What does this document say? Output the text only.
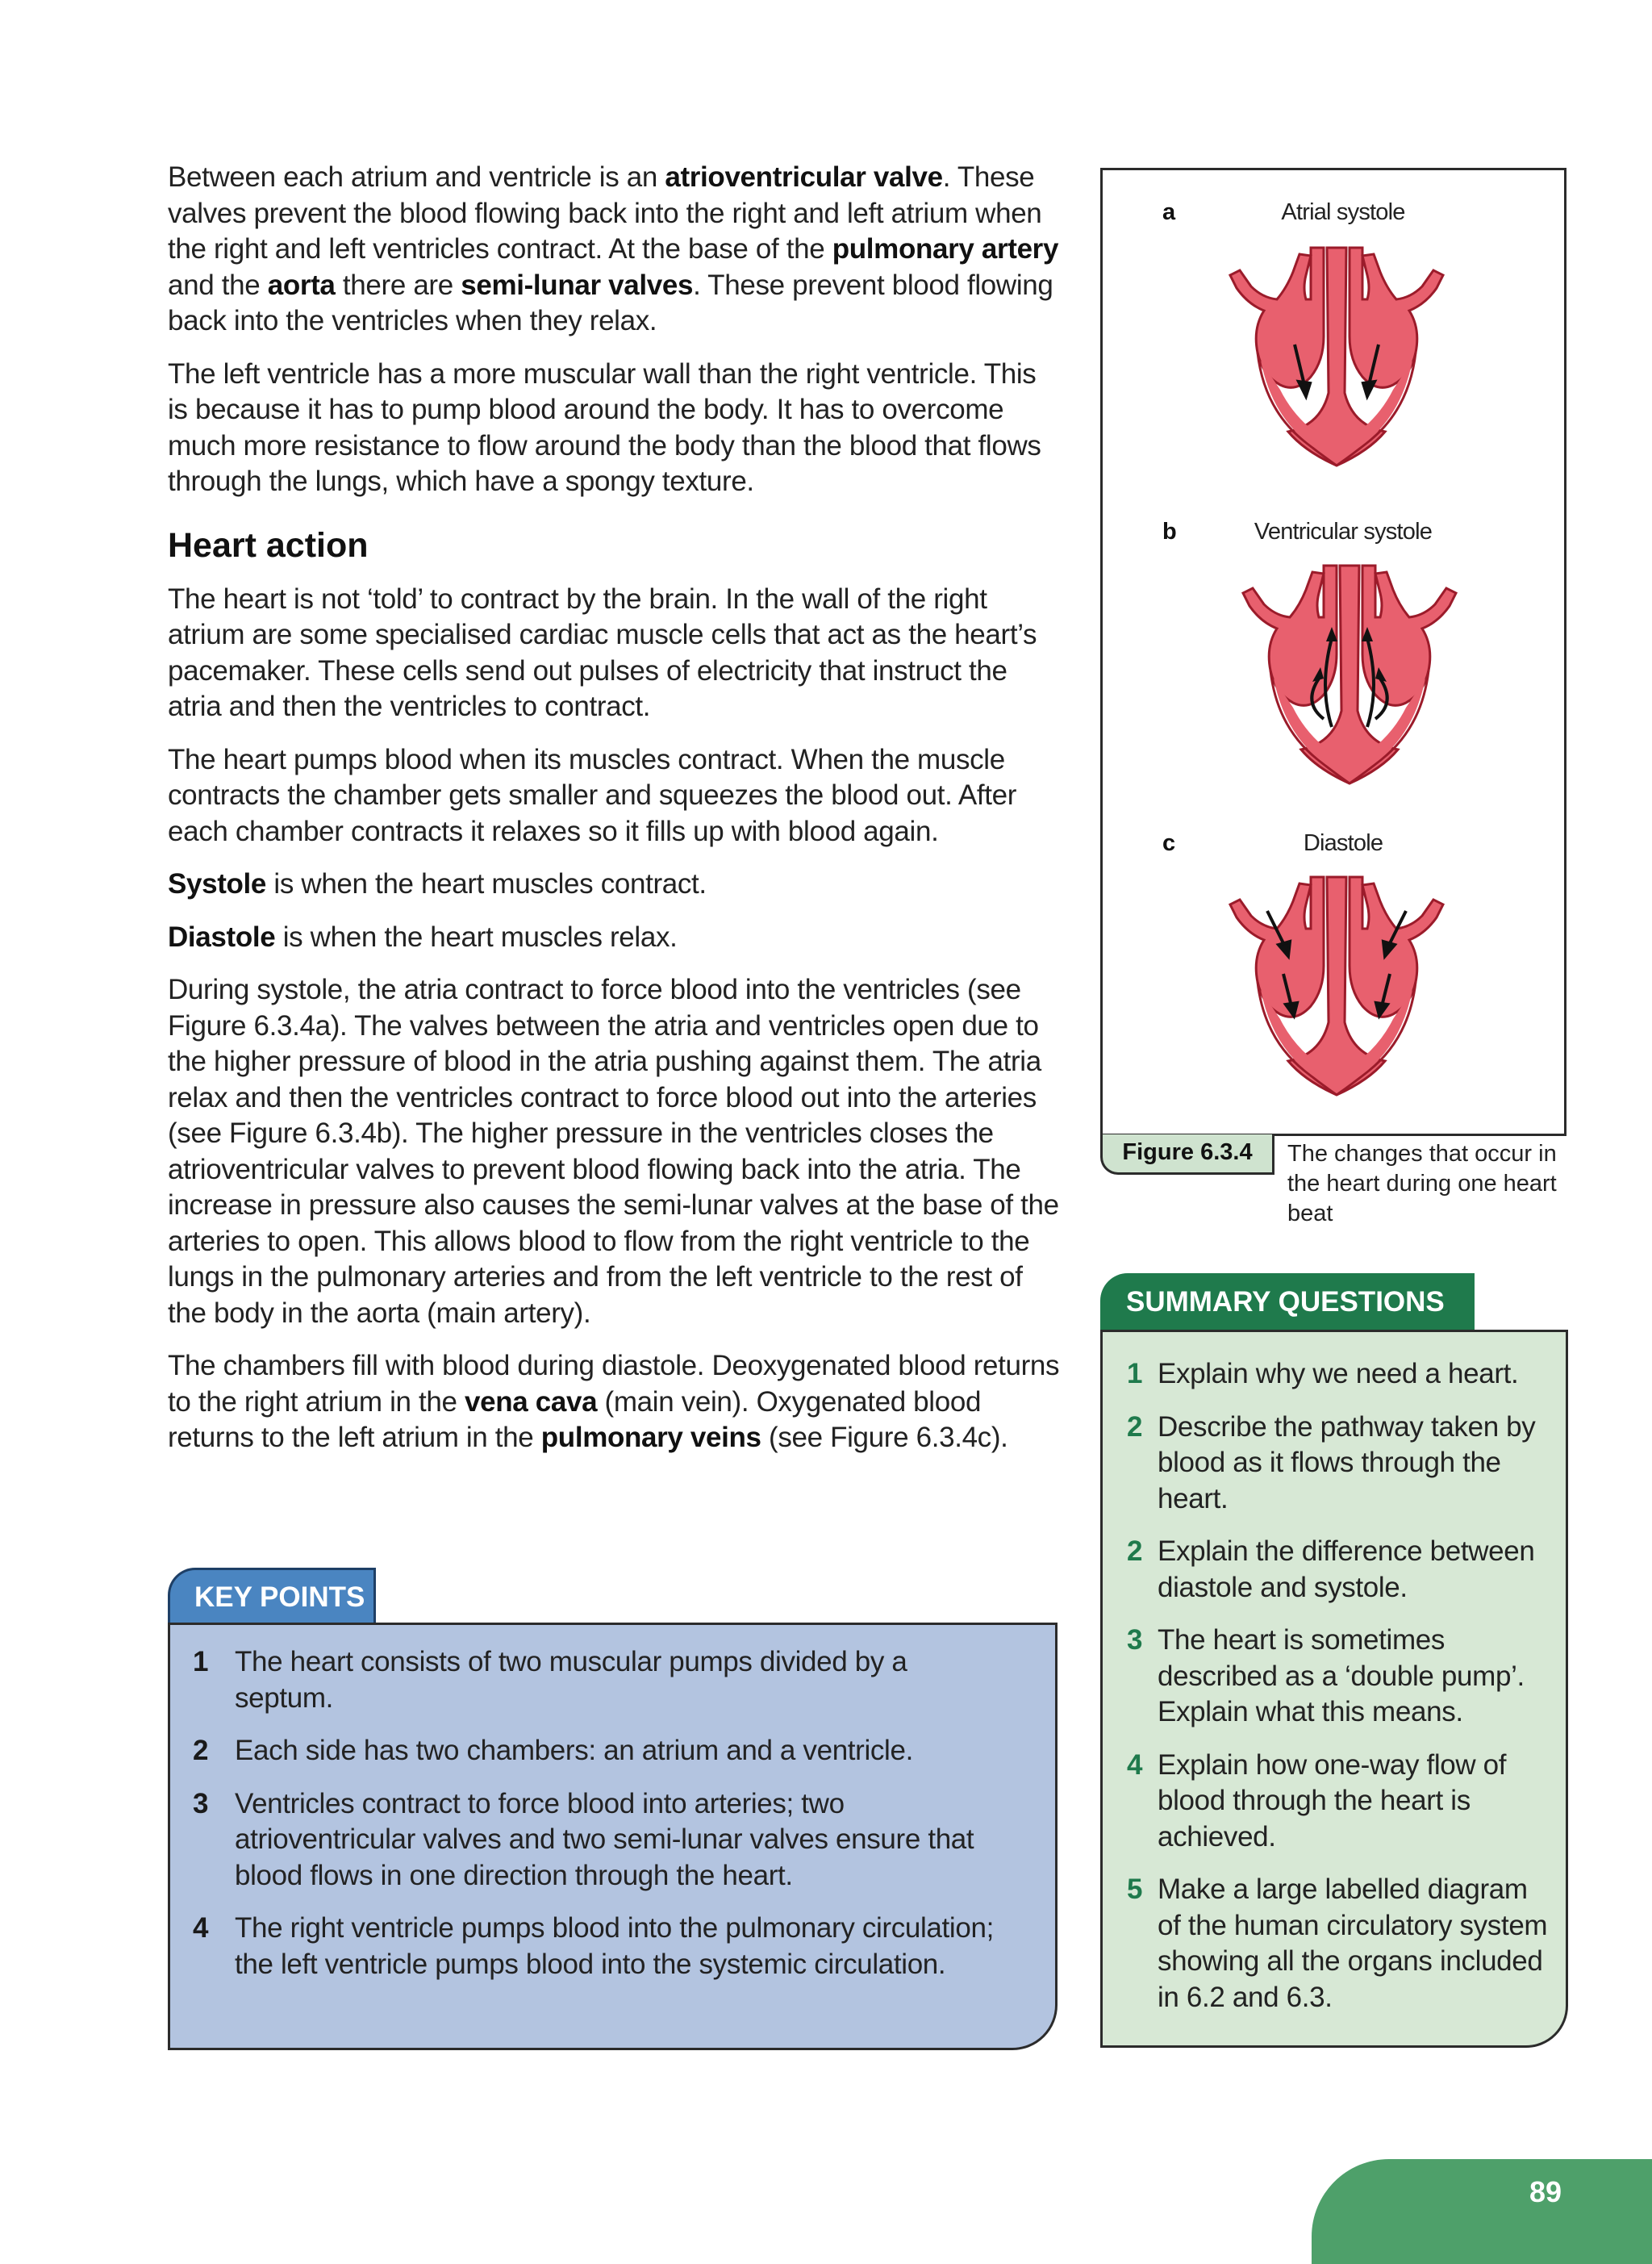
Between each atrium and ventricle is an atrioventricular valve. These valves prevent the blood flowing back into the right and left atrium when the right and left ventricles contract. At the base of the pulmonary artery and the aorta there are semi-lunar valves. These prevent blood flowing back into the ventricles when they relax.

The left ventricle has a more muscular wall than the right ventricle. This is because it has to pump blood around the body. It has to overcome much more resistance to flow around the body than the blood that flows through the lungs, which have a spongy texture.

Heart action

The heart is not ‘told’ to contract by the brain. In the wall of the right atrium are some specialised cardiac muscle cells that act as the heart’s pacemaker. These cells send out pulses of electricity that instruct the atria and then the ventricles to contract.

The heart pumps blood when its muscles contract. When the muscle contracts the chamber gets smaller and squeezes the blood out. After each chamber contracts it relaxes so it fills up with blood again.

Systole is when the heart muscles contract.

Diastole is when the heart muscles relax.

During systole, the atria contract to force blood into the ventricles (see Figure 6.3.4a). The valves between the atria and ventricles open due to the higher pressure of blood in the atria pushing against them. The atria relax and then the ventricles contract to force blood out into the arteries (see Figure 6.3.4b). The higher pressure in the ventricles closes the atrioventricular valves to prevent blood flowing back into the atria. The increase in pressure also causes the semi-lunar valves at the base of the arteries to open. This allows blood to flow from the right ventricle to the lungs in the pulmonary arteries and from the left ventricle to the rest of the body in the aorta (main artery).

The chambers fill with blood during diastole. Deoxygenated blood returns to the right atrium in the vena cava (main vein). Oxygenated blood returns to the left atrium in the pulmonary veins (see Figure 6.3.4c).

KEY POINTS
1 The heart consists of two muscular pumps divided by a septum.
2 Each side has two chambers: an atrium and a ventricle.
3 Ventricles contract to force blood into arteries; two atrioventricular valves and two semi-lunar valves ensure that blood flows in one direction through the heart.
4 The right ventricle pumps blood into the pulmonary circulation; the left ventricle pumps blood into the systemic circulation.
a	Atrial systole
b	Ventricular systole
c	Diastole
Figure 6.3.4	The changes that occur in the heart during one heart beat
SUMMARY QUESTIONS
1 Explain why we need a heart.
2 Describe the pathway taken by blood as it flows through the heart.
2 Explain the difference between diastole and systole.
3 The heart is sometimes described as a ‘double pump’. Explain what this means.
4 Explain how one-way flow of blood through the heart is achieved.
5 Make a large labelled diagram of the human circulatory system showing all the organs included in 6.2 and 6.3.
89
